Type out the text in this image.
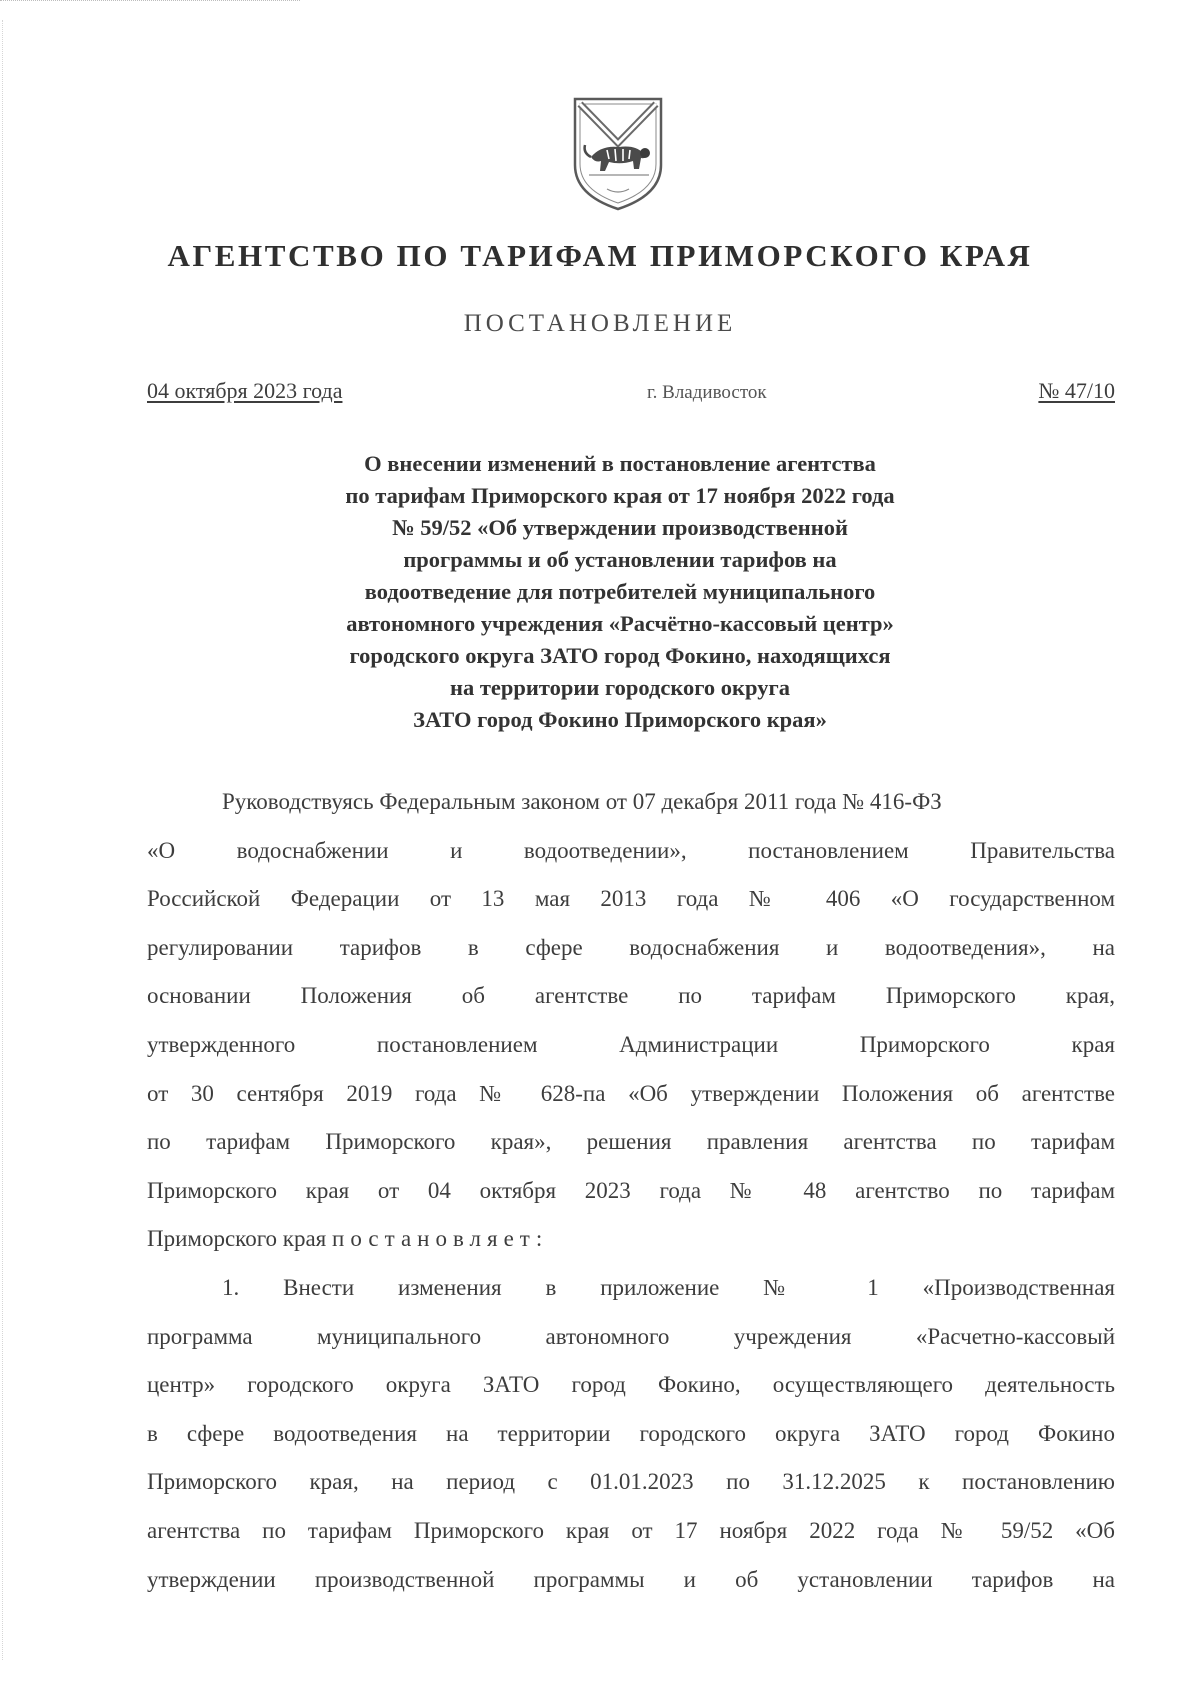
АГЕНТСТВО ПО ТАРИФАМ ПРИМОРСКОГО КРАЯ
ПОСТАНОВЛЕНИЕ
04 октября 2023 года	г. Владивосток	№ 47/10
О внесении изменений в постановление агентства
по тарифам Приморского края от 17 ноября 2022 года
№ 59/52 «Об утверждении производственной
программы и об установлении тарифов на
водоотведение для потребителей муниципального
автономного учреждения «Расчётно-кассовый центр»
городского округа ЗАТО город Фокино, находящихся
на территории городского округа
ЗАТО город Фокино Приморского края»
Руководствуясь Федеральным законом от 07 декабря 2011 года № 416-ФЗ
«О водоснабжении и водоотведении», постановлением Правительства
Российской Федерации от 13 мая 2013 года № 406 «О государственном
регулировании тарифов в сфере водоснабжения и водоотведения», на
основании Положения об агентстве по тарифам Приморского края,
утвержденного постановлением Администрации Приморского края
от 30 сентября 2019 года № 628-па «Об утверждении Положения об агентстве
по тарифам Приморского края», решения правления агентства по тарифам
Приморского края от 04 октября 2023 года № 48 агентство по тарифам
Приморского края постановляет:
1. Внести изменения в приложение № 1 «Производственная
программа муниципального автономного учреждения «Расчетно-кассовый
центр» городского округа ЗАТО город Фокино, осуществляющего деятельность
в сфере водоотведения на территории городского округа ЗАТО город Фокино
Приморского края, на период с 01.01.2023 по 31.12.2025 к постановлению
агентства по тарифам Приморского края от 17 ноября 2022 года № 59/52 «Об
утверждении производственной программы и об установлении тарифов на
